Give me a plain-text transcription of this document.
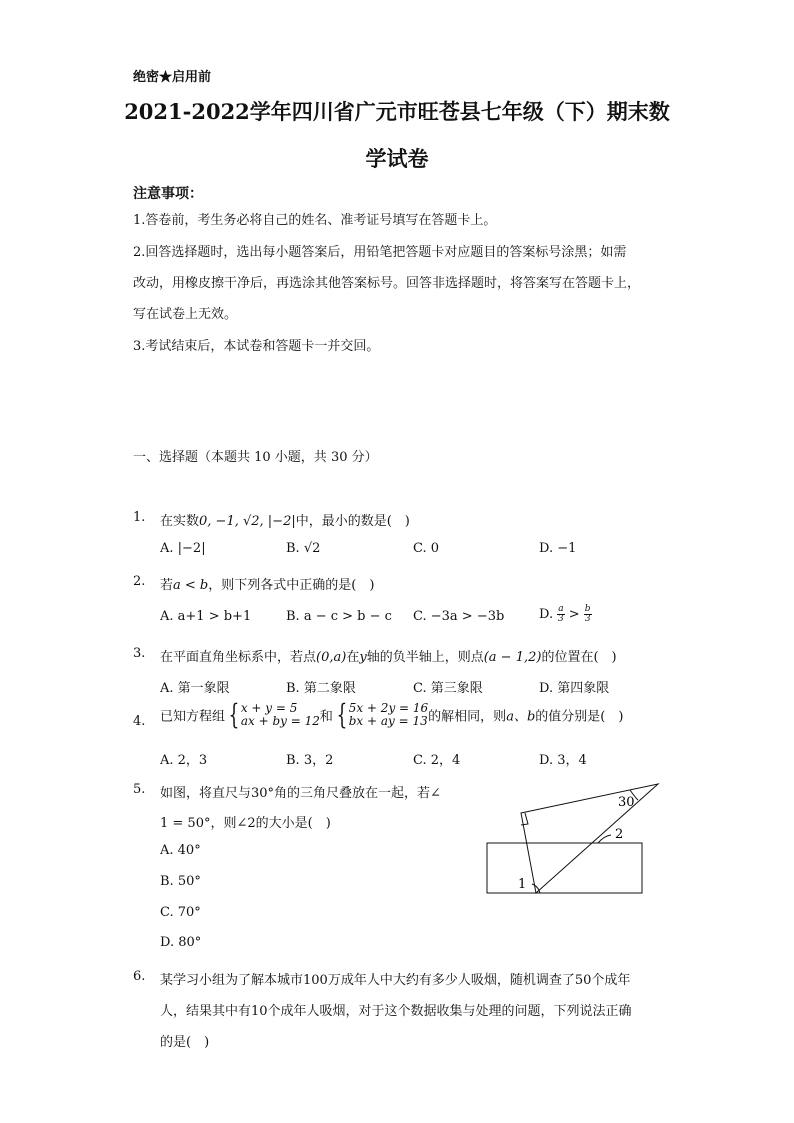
绝密★启用前
2021-2022学年四川省广元市旺苍县七年级（下）期末数
学试卷
注意事项：
1.答卷前，考生务必将自己的姓名、准考证号填写在答题卡上。
2.回答选择题时，选出每小题答案后，用铅笔把答题卡对应题目的答案标号涂黑；如需
改动，用橡皮擦干净后，再选涂其他答案标号。回答非选择题时，将答案写在答题卡上，
写在试卷上无效。
3.考试结束后，本试卷和答题卡一并交回。
一、选择题（本题共 10 小题，共 30 分）
1. 在实数0, −1, √2, |−2|中，最小的数是(　)
A. |−2|	B. √2	C. 0	D. −1
2. 若a < b，则下列各式中正确的是(　)
A. a+1 > b+1	B. a − c > b − c C. −3a > −3b	D. $\frac{a}{3} > \frac{b}{3}$
3. 在平面直角坐标系中，若点(0,a)在y轴的负半轴上，则点(a − 1,2)的位置在(　)
A. 第一象限	B. 第二象限	C. 第三象限	D. 第四象限
4. 已知方程组 { x + y = 5
ax + by = 12 和 { 5x + 2y = 16
bx + ay = 13 的解相同，则a、b的值分别是(　)
A. 2，3	B. 3，2	C. 2，4	D. 3，4
5. 如图，将直尺与30°角的三角尺叠放在一起，若∠
1 = 50°，则∠2的大小是(　)
A. 40°
B. 50°
C. 70°
D. 80°
30
2
1
6. 某学习小组为了解本城市100万成年人中大约有多少人吸烟，随机调查了50个成年
人，结果其中有10个成年人吸烟，对于这个数据收集与处理的问题，下列说法正确
的是(　)
